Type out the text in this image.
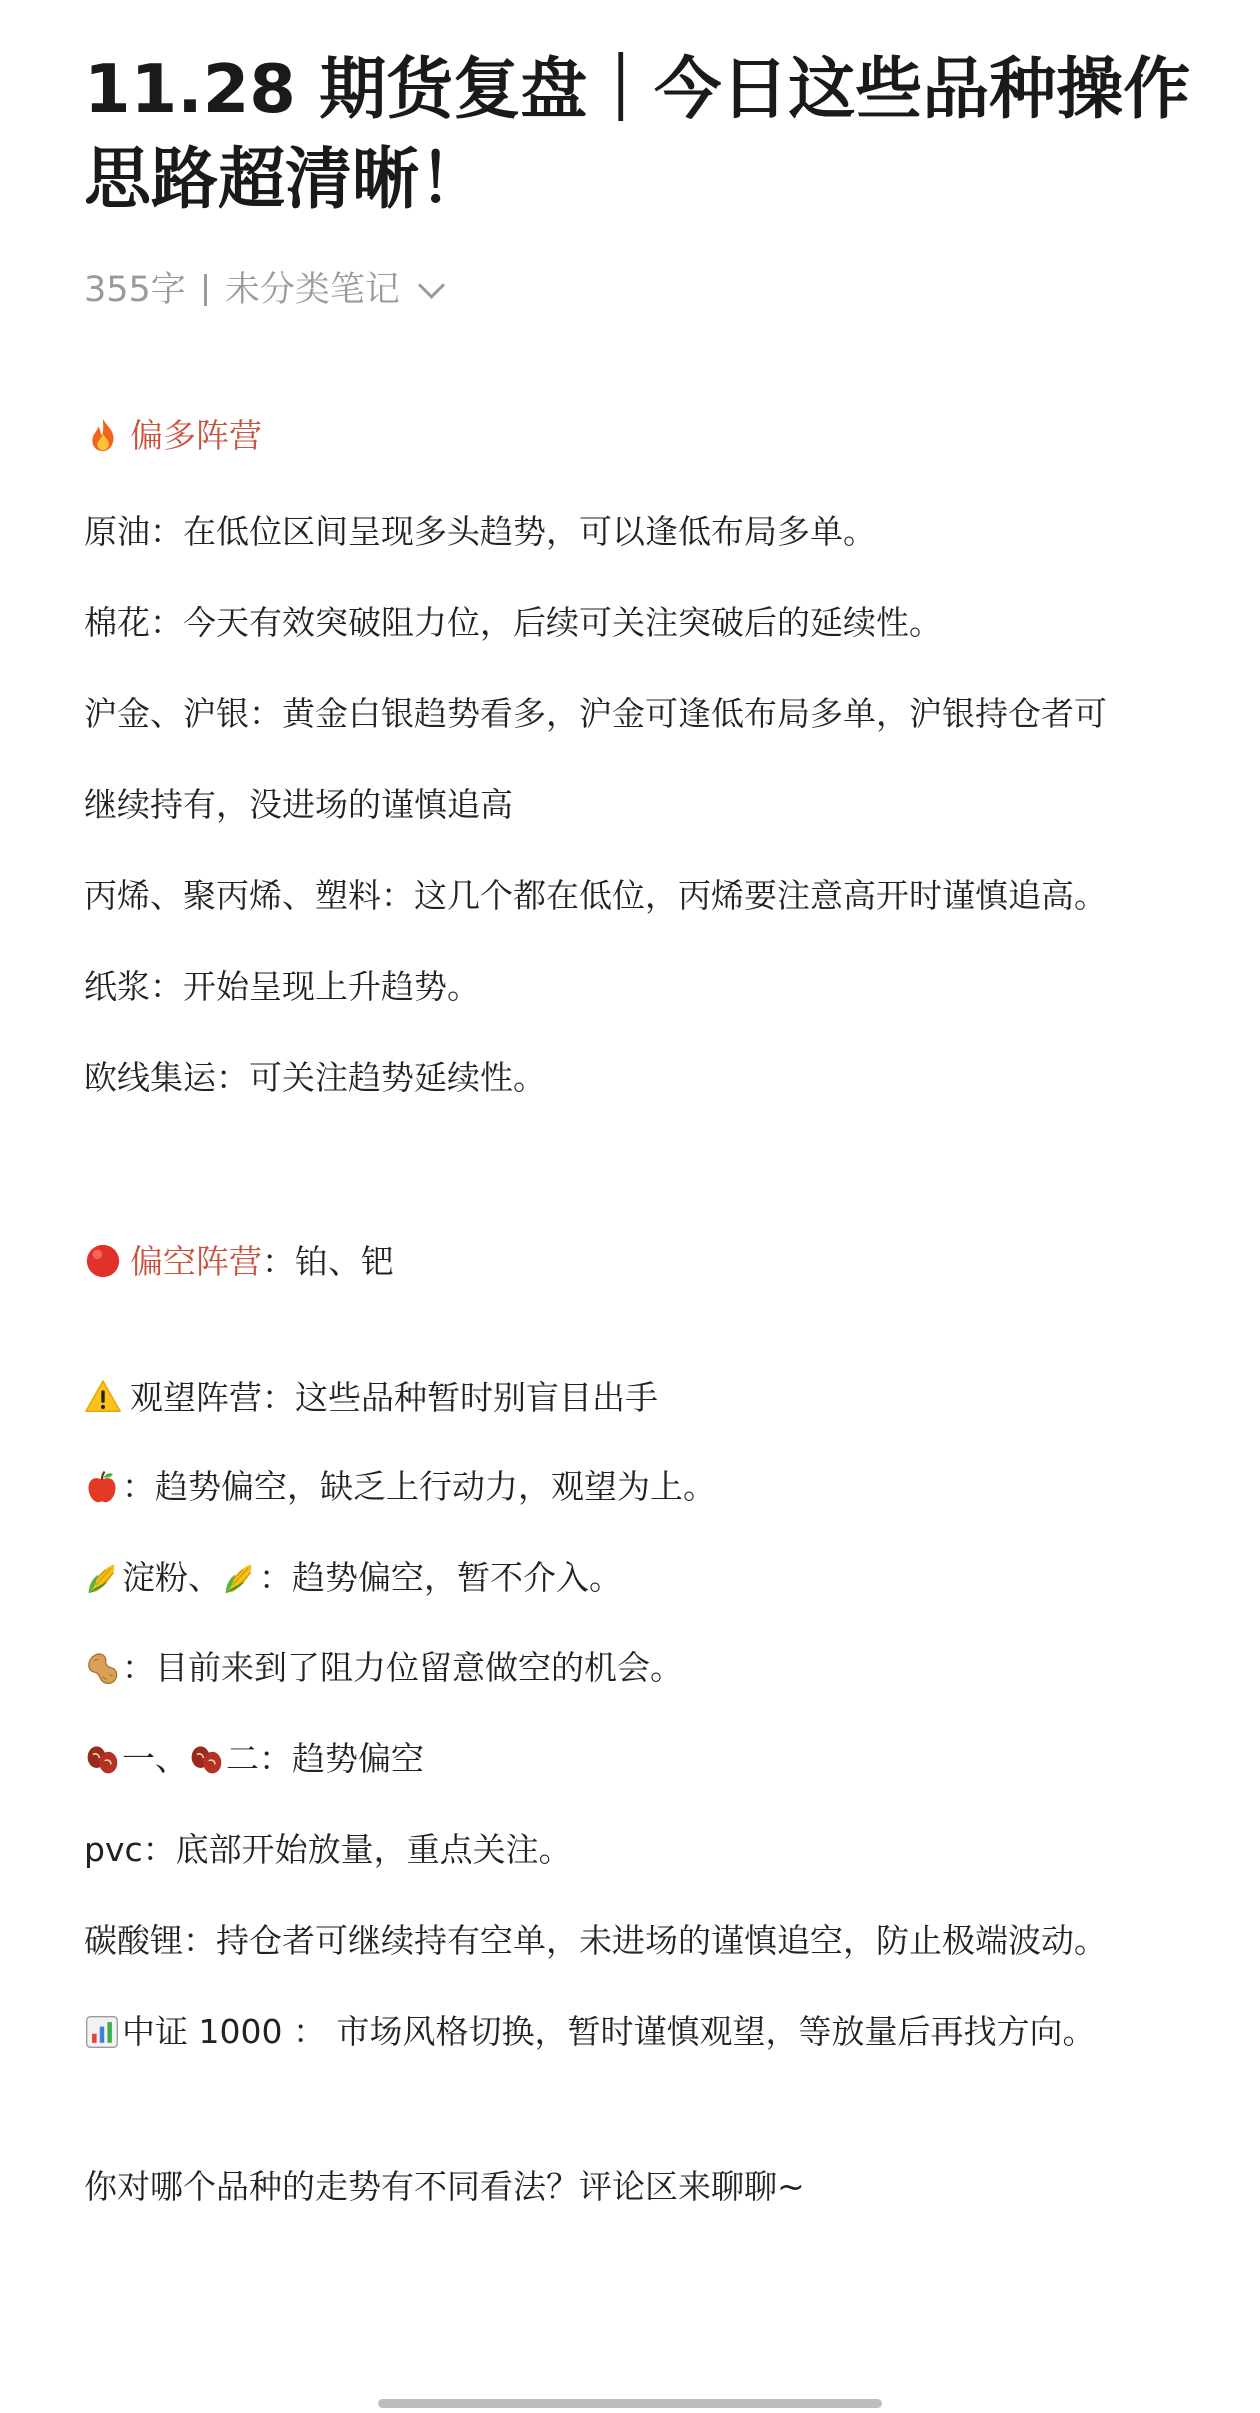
11.28 期货复盘｜今日这些品种操作思路超清晰！
355字 未分类笔记
偏多阵营
原油：在低位区间呈现多头趋势，可以逢低布局多单。
棉花：今天有效突破阻力位，后续可关注突破后的延续性。
沪金、沪银：黄金白银趋势看多，沪金可逢低布局多单，沪银持仓者可
继续持有，没进场的谨慎追高
丙烯、聚丙烯、塑料：这几个都在低位，丙烯要注意高开时谨慎追高。
纸浆：开始呈现上升趋势。
欧线集运：可关注趋势延续性。
偏空阵营：铂、钯
观望阵营：这些品种暂时别盲目出手
：趋势偏空，缺乏上行动力，观望为上。
淀粉、 ：趋势偏空，暂不介入。
：目前来到了阻力位留意做空的机会。
一、 二：趋势偏空
pvc：底部开始放量，重点关注。
碳酸锂：持仓者可继续持有空单，未进场的谨慎追空，防止极端波动。
中证 1000 ： 市场风格切换，暂时谨慎观望，等放量后再找方向。
你对哪个品种的走势有不同看法？评论区来聊聊~
